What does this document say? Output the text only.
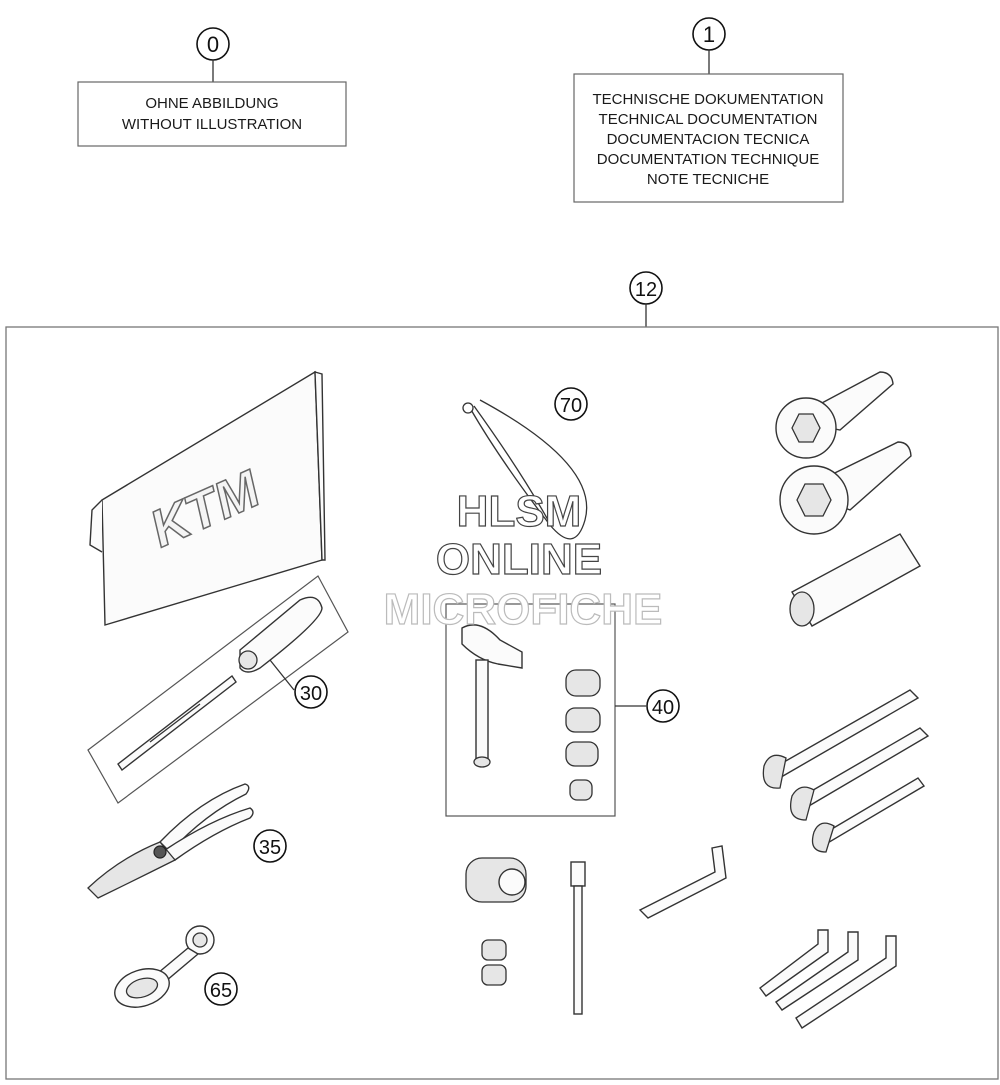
0
OHNE ABBILDUNG
WITHOUT ILLUSTRATION
1
TECHNISCHE DOKUMENTATION
TECHNICAL DOCUMENTATION
DOCUMENTACION TECNICA
DOCUMENTATION TECHNIQUE
NOTE TECNICHE
12
KTM
30
35
65
70
40
HLSM
ONLINE
MICROFICHE
